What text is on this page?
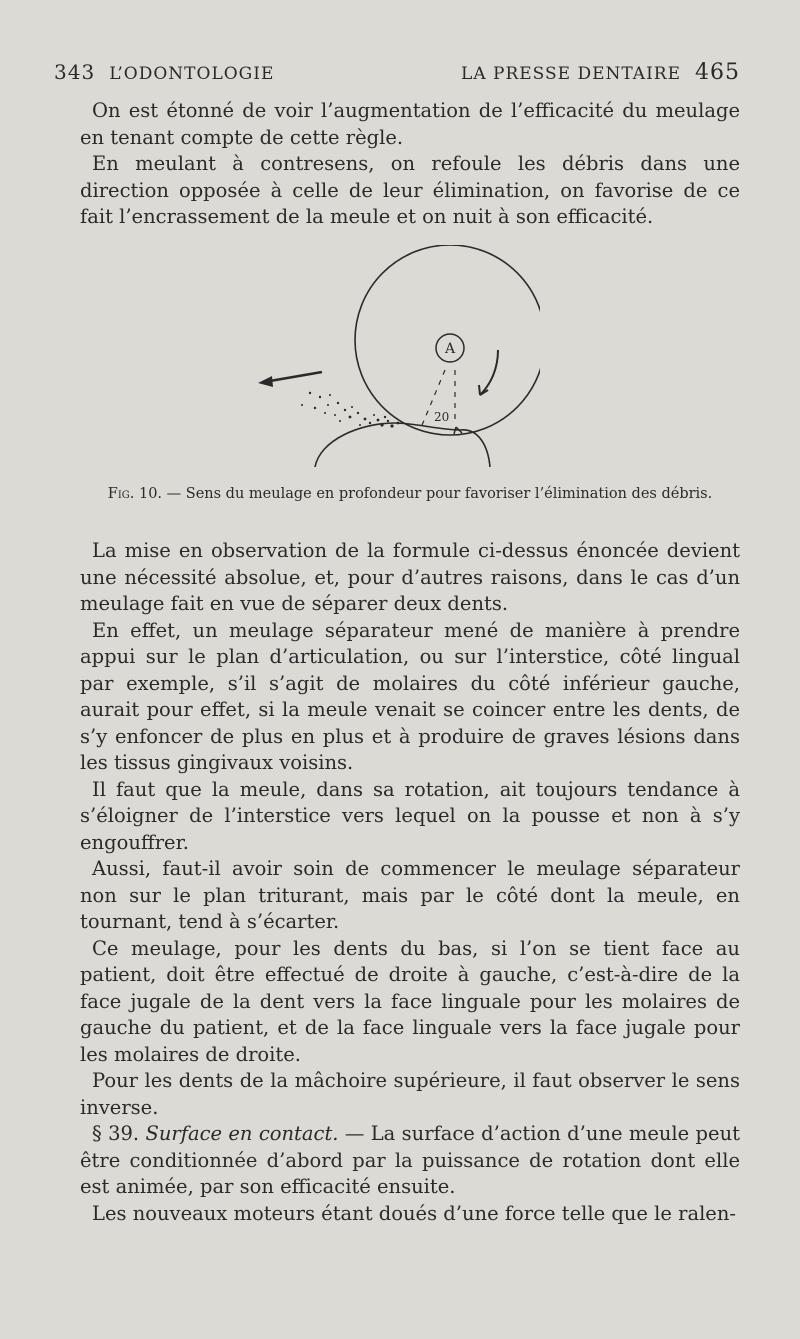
343 L’ODONTOLOGIE	LA PRESSE DENTAIRE 465

On est étonné de voir l’augmentation de l’efficacité du meulage en tenant compte de cette règle.

En meulant à contresens, on refoule les débris dans une direction opposée à celle de leur élimination, on favorise de ce fait l’encrassement de la meule et on nuit à son efficacité.

A
20
Fig. 10. — Sens du meulage en profondeur pour favoriser l’élimination des débris.

La mise en observation de la formule ci-dessus énoncée devient une nécessité absolue, et, pour d’autres raisons, dans le cas d’un meulage fait en vue de séparer deux dents.

En effet, un meulage séparateur mené de manière à prendre appui sur le plan d’articulation, ou sur l’interstice, côté lingual par exemple, s’il s’agit de molaires du côté inférieur gauche, aurait pour effet, si la meule venait se coincer entre les dents, de s’y enfoncer de plus en plus et à produire de graves lésions dans les tissus gingivaux voisins.

Il faut que la meule, dans sa rotation, ait toujours tendance à s’éloigner de l’interstice vers lequel on la pousse et non à s’y engouffrer.

Aussi, faut-il avoir soin de commencer le meulage séparateur non sur le plan triturant, mais par le côté dont la meule, en tournant, tend à s’écarter.

Ce meulage, pour les dents du bas, si l’on se tient face au patient, doit être effectué de droite à gauche, c’est-à-dire de la face jugale de la dent vers la face linguale pour les molaires de gauche du patient, et de la face linguale vers la face jugale pour les molaires de droite.

Pour les dents de la mâchoire supérieure, il faut observer le sens inverse.

§ 39. Surface en contact. — La surface d’action d’une meule peut être conditionnée d’abord par la puissance de rotation dont elle est animée, par son efficacité ensuite.

Les nouveaux moteurs étant doués d’une force telle que le ralen-
